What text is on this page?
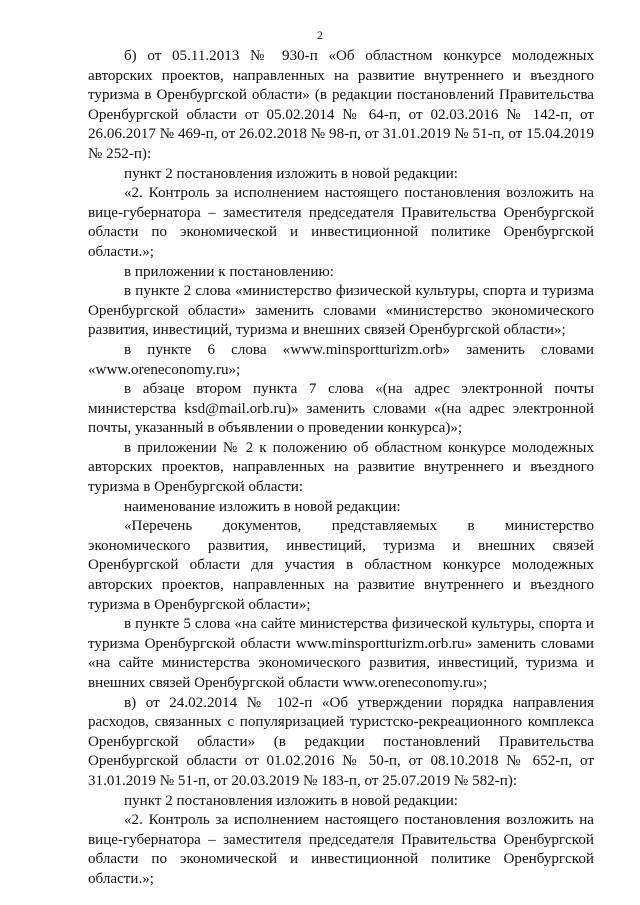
2

б) от 05.11.2013 № 930-п «Об областном конкурсе молодежных авторских проектов, направленных на развитие внутреннего и въездного туризма в Оренбургской области» (в редакции постановлений Правительства Оренбургской области от 05.02.2014 № 64-п, от 02.03.2016 № 142-п, от 26.06.2017 № 469-п, от 26.02.2018 № 98-п, от 31.01.2019 № 51-п, от 15.04.2019 № 252-п):

пункт 2 постановления изложить в новой редакции:

«2. Контроль за исполнением настоящего постановления возложить на вице-губернатора – заместителя председателя Правительства Оренбургской области по экономической и инвестиционной политике Оренбургской области.»;

в приложении к постановлению:

в пункте 2 слова «министерство физической культуры, спорта и туризма Оренбургской области» заменить словами «министерство экономического развития, инвестиций, туризма и внешних связей Оренбургской области»;

в пункте 6 слова «www.minsportturizm.orb» заменить словами «www.oreneconomy.ru»;

в абзаце втором пункта 7 слова «(на адрес электронной почты министерства ksd@mail.orb.ru)» заменить словами «(на адрес электронной почты, указанный в объявлении о проведении конкурса)»;

в приложении № 2 к положению об областном конкурсе молодежных авторских проектов, направленных на развитие внутреннего и въездного туризма в Оренбургской области:

наименование изложить в новой редакции:

«Перечень документов, представляемых в министерство экономического развития, инвестиций, туризма и внешних связей Оренбургской области для участия в областном конкурсе молодежных авторских проектов, направленных на развитие внутреннего и въездного туризма в Оренбургской области»;

в пункте 5 слова «на сайте министерства физической культуры, спорта и туризма Оренбургской области www.minsportturizm.orb.ru» заменить словами «на сайте министерства экономического развития, инвестиций, туризма и внешних связей Оренбургской области www.oreneconomy.ru»;

в) от 24.02.2014 № 102-п «Об утверждении порядка направления расходов, связанных с популяризацией туристско-рекреационного комплекса Оренбургской области» (в редакции постановлений Правительства Оренбургской области от 01.02.2016 № 50-п, от 08.10.2018 № 652-п, от 31.01.2019 № 51-п, от 20.03.2019 № 183-п, от 25.07.2019 № 582-п):

пункт 2 постановления изложить в новой редакции:

«2. Контроль за исполнением настоящего постановления возложить на вице-губернатора – заместителя председателя Правительства Оренбургской области по экономической и инвестиционной политике Оренбургской области.»;
